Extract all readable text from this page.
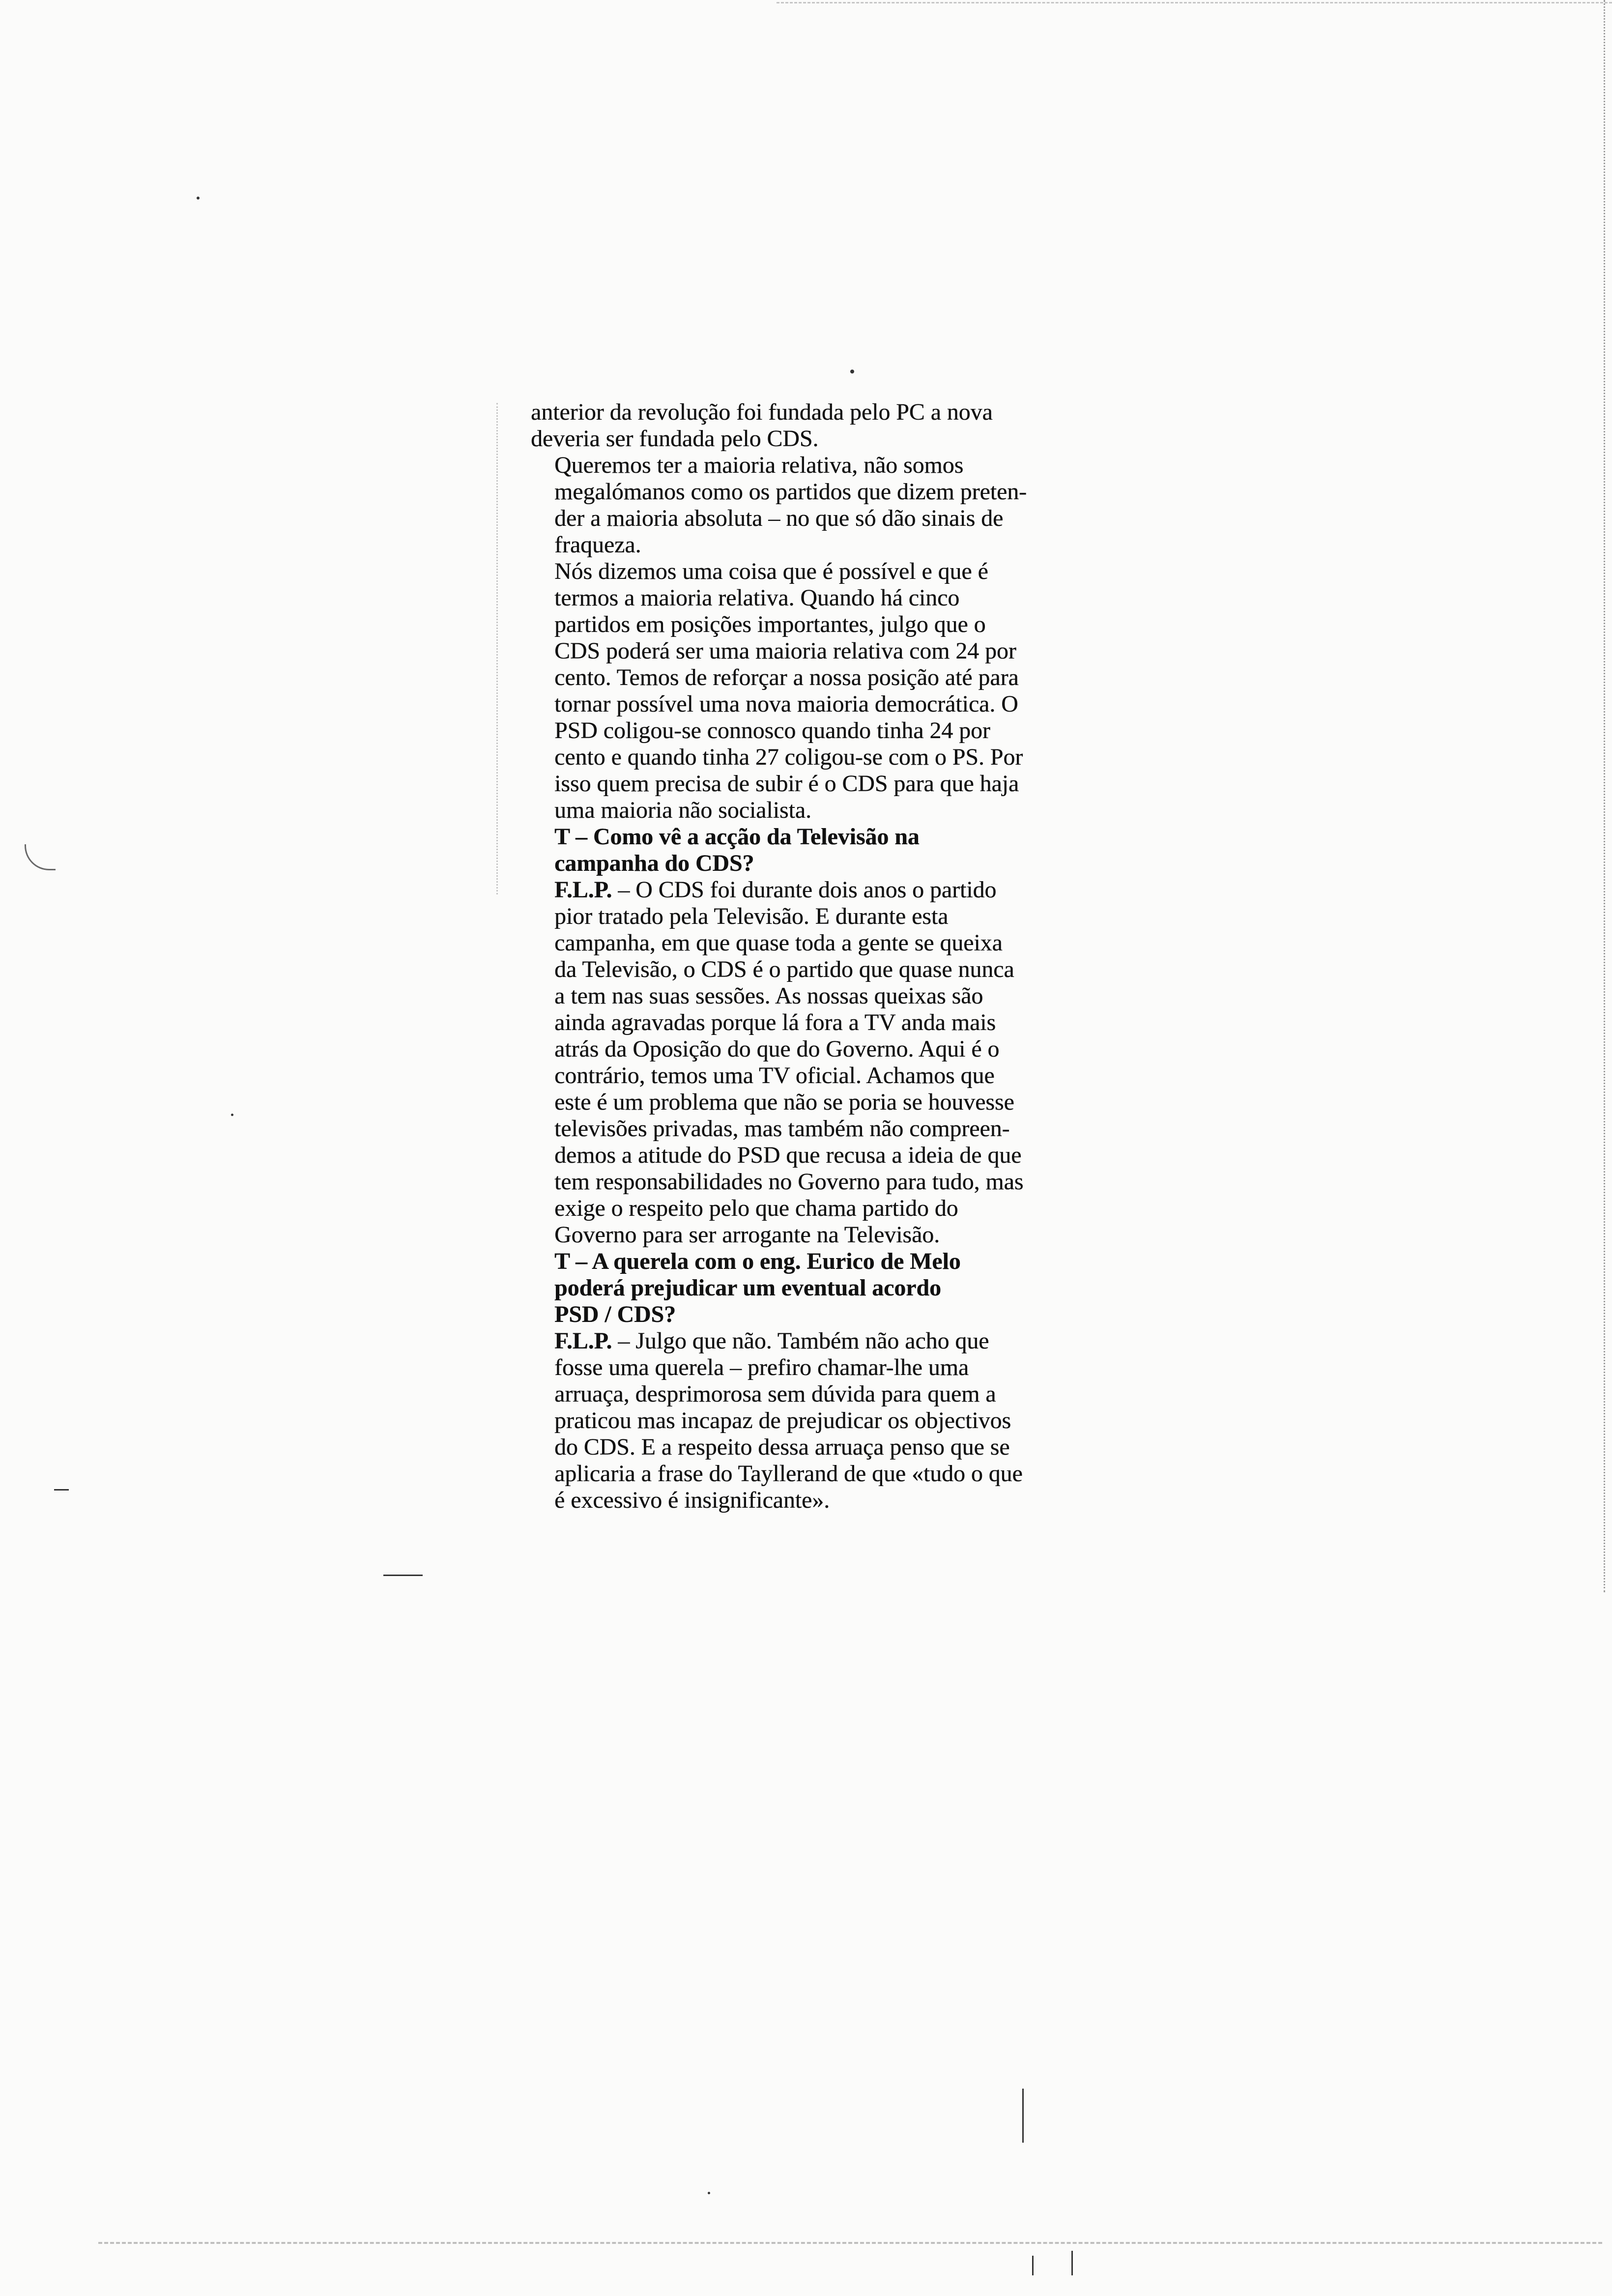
anterior da revolução foi fundada pelo PC a nova
deveria ser fundada pelo CDS.

Queremos ter a maioria relativa, não somos
megalómanos como os partidos que dizem preten-
der a maioria absoluta – no que só dão sinais de
fraqueza.

Nós dizemos uma coisa que é possível e que é
termos a maioria relativa. Quando há cinco
partidos em posições importantes, julgo que o
CDS poderá ser uma maioria relativa com 24 por
cento. Temos de reforçar a nossa posição até para
tornar possível uma nova maioria democrática. O
PSD coligou-se connosco quando tinha 24 por
cento e quando tinha 27 coligou-se com o PS. Por
isso quem precisa de subir é o CDS para que haja
uma maioria não socialista.

T – Como vê a acção da Televisão na
campanha do CDS?

F.L.P. – O CDS foi durante dois anos o partido
pior tratado pela Televisão. E durante esta
campanha, em que quase toda a gente se queixa
da Televisão, o CDS é o partido que quase nunca
a tem nas suas sessões. As nossas queixas são
ainda agravadas porque lá fora a TV anda mais
atrás da Oposição do que do Governo. Aqui é o
contrário, temos uma TV oficial. Achamos que
este é um problema que não se poria se houvesse
televisões privadas, mas também não compreen-
demos a atitude do PSD que recusa a ideia de que
tem responsabilidades no Governo para tudo, mas
exige o respeito pelo que chama partido do
Governo para ser arrogante na Televisão.

T – A querela com o eng. Eurico de Melo
poderá prejudicar um eventual acordo
PSD / CDS?

F.L.P. – Julgo que não. Também não acho que
fosse uma querela – prefiro chamar-lhe uma
arruaça, desprimorosa sem dúvida para quem a
praticou mas incapaz de prejudicar os objectivos
do CDS. E a respeito dessa arruaça penso que se
aplicaria a frase do Tayllerand de que «tudo o que
é excessivo é insignificante».
